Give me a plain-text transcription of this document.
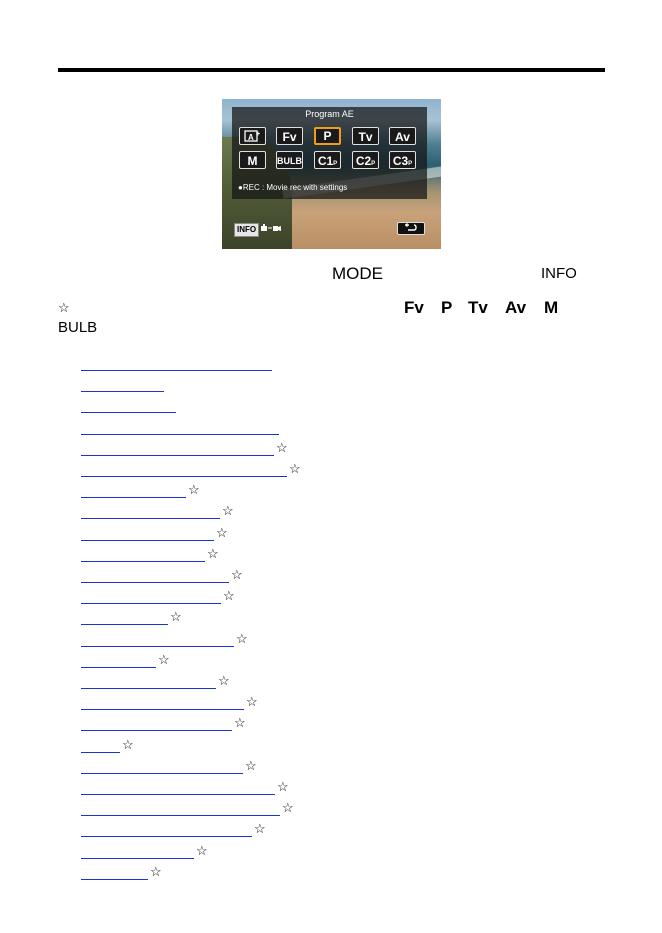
Program AE
A +	Fv	P	Tv	Av
M	BULB	C1P	C2P	C3P
●REC : Movie rec with settings
INFO
MODE	INFO
☆	Fv P Tv Av M
BULB
☆
☆
☆
☆
☆
☆
☆
☆
☆
☆
☆
☆
☆
☆
☆
☆
☆
☆
☆
☆
☆
